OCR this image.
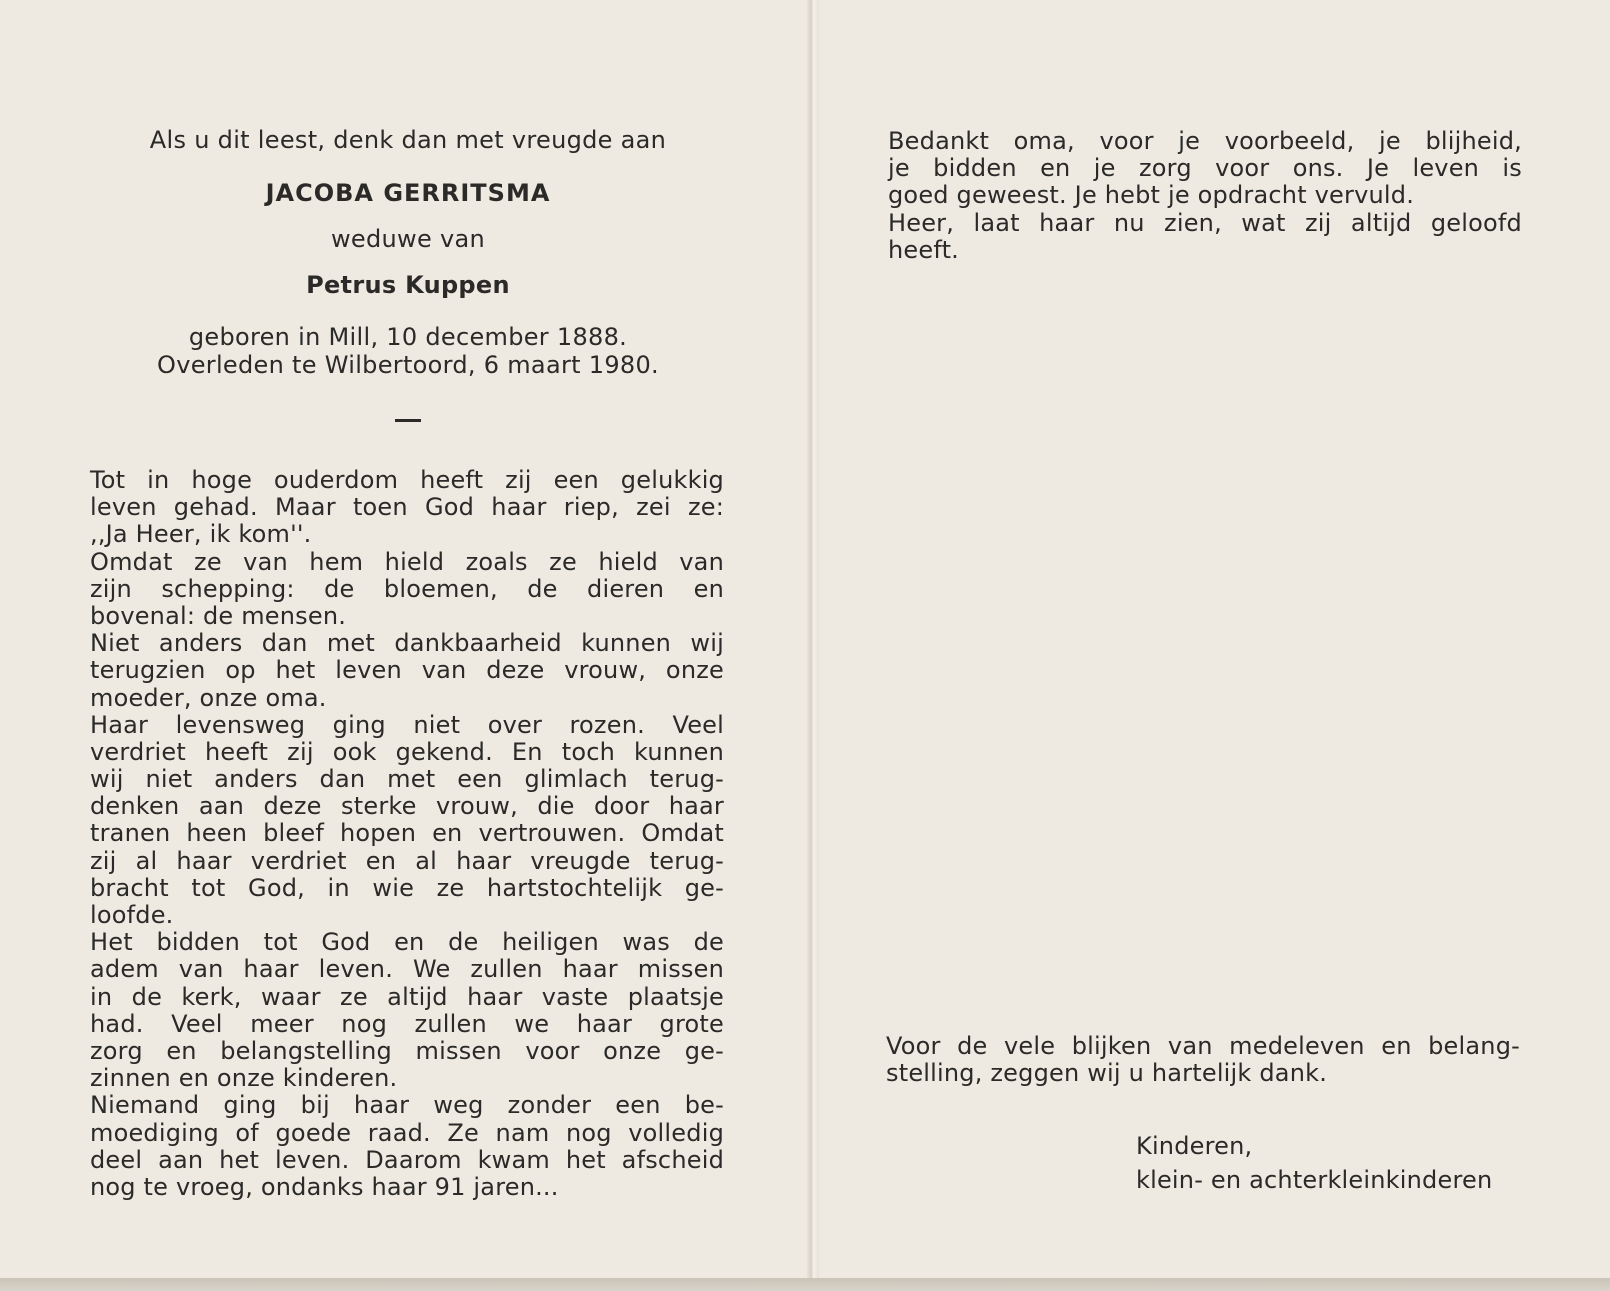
Als u dit leest, denk dan met vreugde aan
JACOBA GERRITSMA
weduwe van
Petrus Kuppen
geboren in Mill, 10 december 1888.
Overleden te Wilbertoord, 6 maart 1980.
Tot in hoge ouderdom heeft zij een gelukkig
leven gehad. Maar toen God haar riep, zei ze:
,,Ja Heer, ik kom''.
Omdat ze van hem hield zoals ze hield van
zijn schepping: de bloemen, de dieren en
bovenal: de mensen.
Niet anders dan met dankbaarheid kunnen wij
terugzien op het leven van deze vrouw, onze
moeder, onze oma.
Haar levensweg ging niet over rozen. Veel
verdriet heeft zij ook gekend. En toch kunnen
wij niet anders dan met een glimlach terug-
denken aan deze sterke vrouw, die door haar
tranen heen bleef hopen en vertrouwen. Omdat
zij al haar verdriet en al haar vreugde terug-
bracht tot God, in wie ze hartstochtelijk ge-
loofde.
Het bidden tot God en de heiligen was de
adem van haar leven. We zullen haar missen
in de kerk, waar ze altijd haar vaste plaatsje
had. Veel meer nog zullen we haar grote
zorg en belangstelling missen voor onze ge-
zinnen en onze kinderen.
Niemand ging bij haar weg zonder een be-
moediging of goede raad. Ze nam nog volledig
deel aan het leven. Daarom kwam het afscheid
nog te vroeg, ondanks haar 91 jaren...
Bedankt oma, voor je voorbeeld, je blijheid,
je bidden en je zorg voor ons. Je leven is
goed geweest. Je hebt je opdracht vervuld.
Heer, laat haar nu zien, wat zij altijd geloofd
heeft.
Voor de vele blijken van medeleven en belang-
stelling, zeggen wij u hartelijk dank.
Kinderen,
klein- en achterkleinkinderen
